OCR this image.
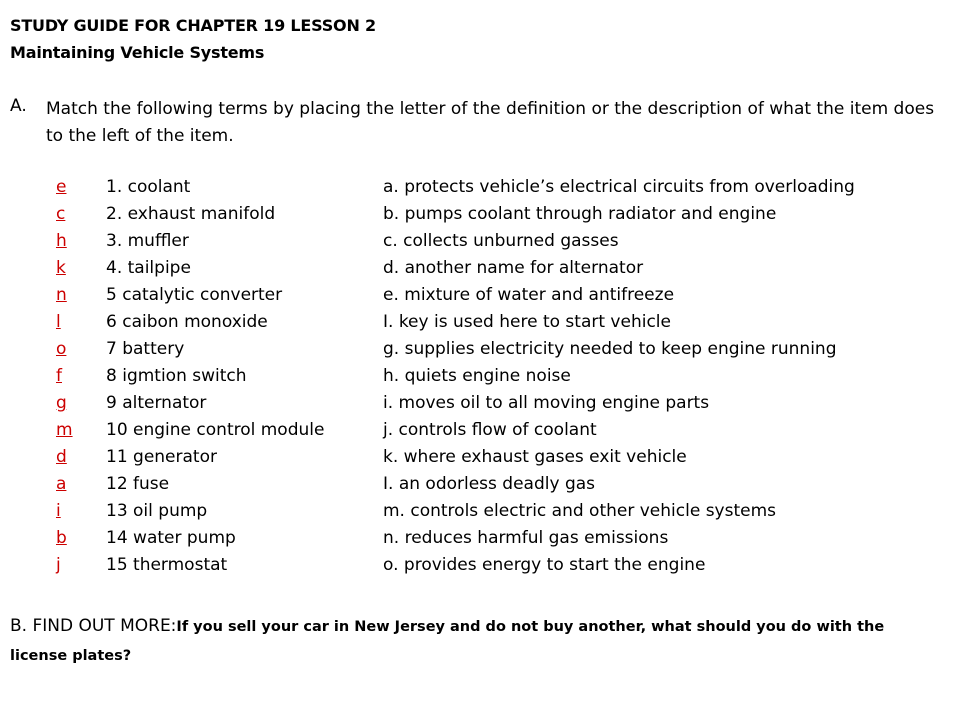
STUDY GUIDE FOR CHAPTER 19 LESSON 2
Maintaining Vehicle Systems
A. Match the following terms by placing the letter of the definition or the description of what the item does to the left of the item.
e 1. coolant	a. protects vehicle’s electrical circuits from overloading
c 2. exhaust manifold	b. pumps coolant through radiator and engine
h 3. muffler	c. collects unburned gasses
k 4. tailpipe	d. another name for alternator
n 5 catalytic converter	e. mixture of water and antifreeze
l	6 caibon monoxide	I. key is used here to start vehicle
o 7 battery	g. supplies electricity needed to keep engine running
f	8 igmtion switch	h. quiets engine noise
g 9 alternator	i. moves oil to all moving engine parts
m 10 engine control module	j. controls flow of coolant
d 11 generator	k. where exhaust gases exit vehicle
a 12 fuse	I. an odorless deadly gas
i	13 oil pump	m. controls electric and other vehicle systems
b 14 water pump	n. reduces harmful gas emissions
j	15 thermostat	o. provides energy to start the engine
B. FIND OUT MORE:If you sell your car in New Jersey and do not buy another, what should you do with the license plates?
